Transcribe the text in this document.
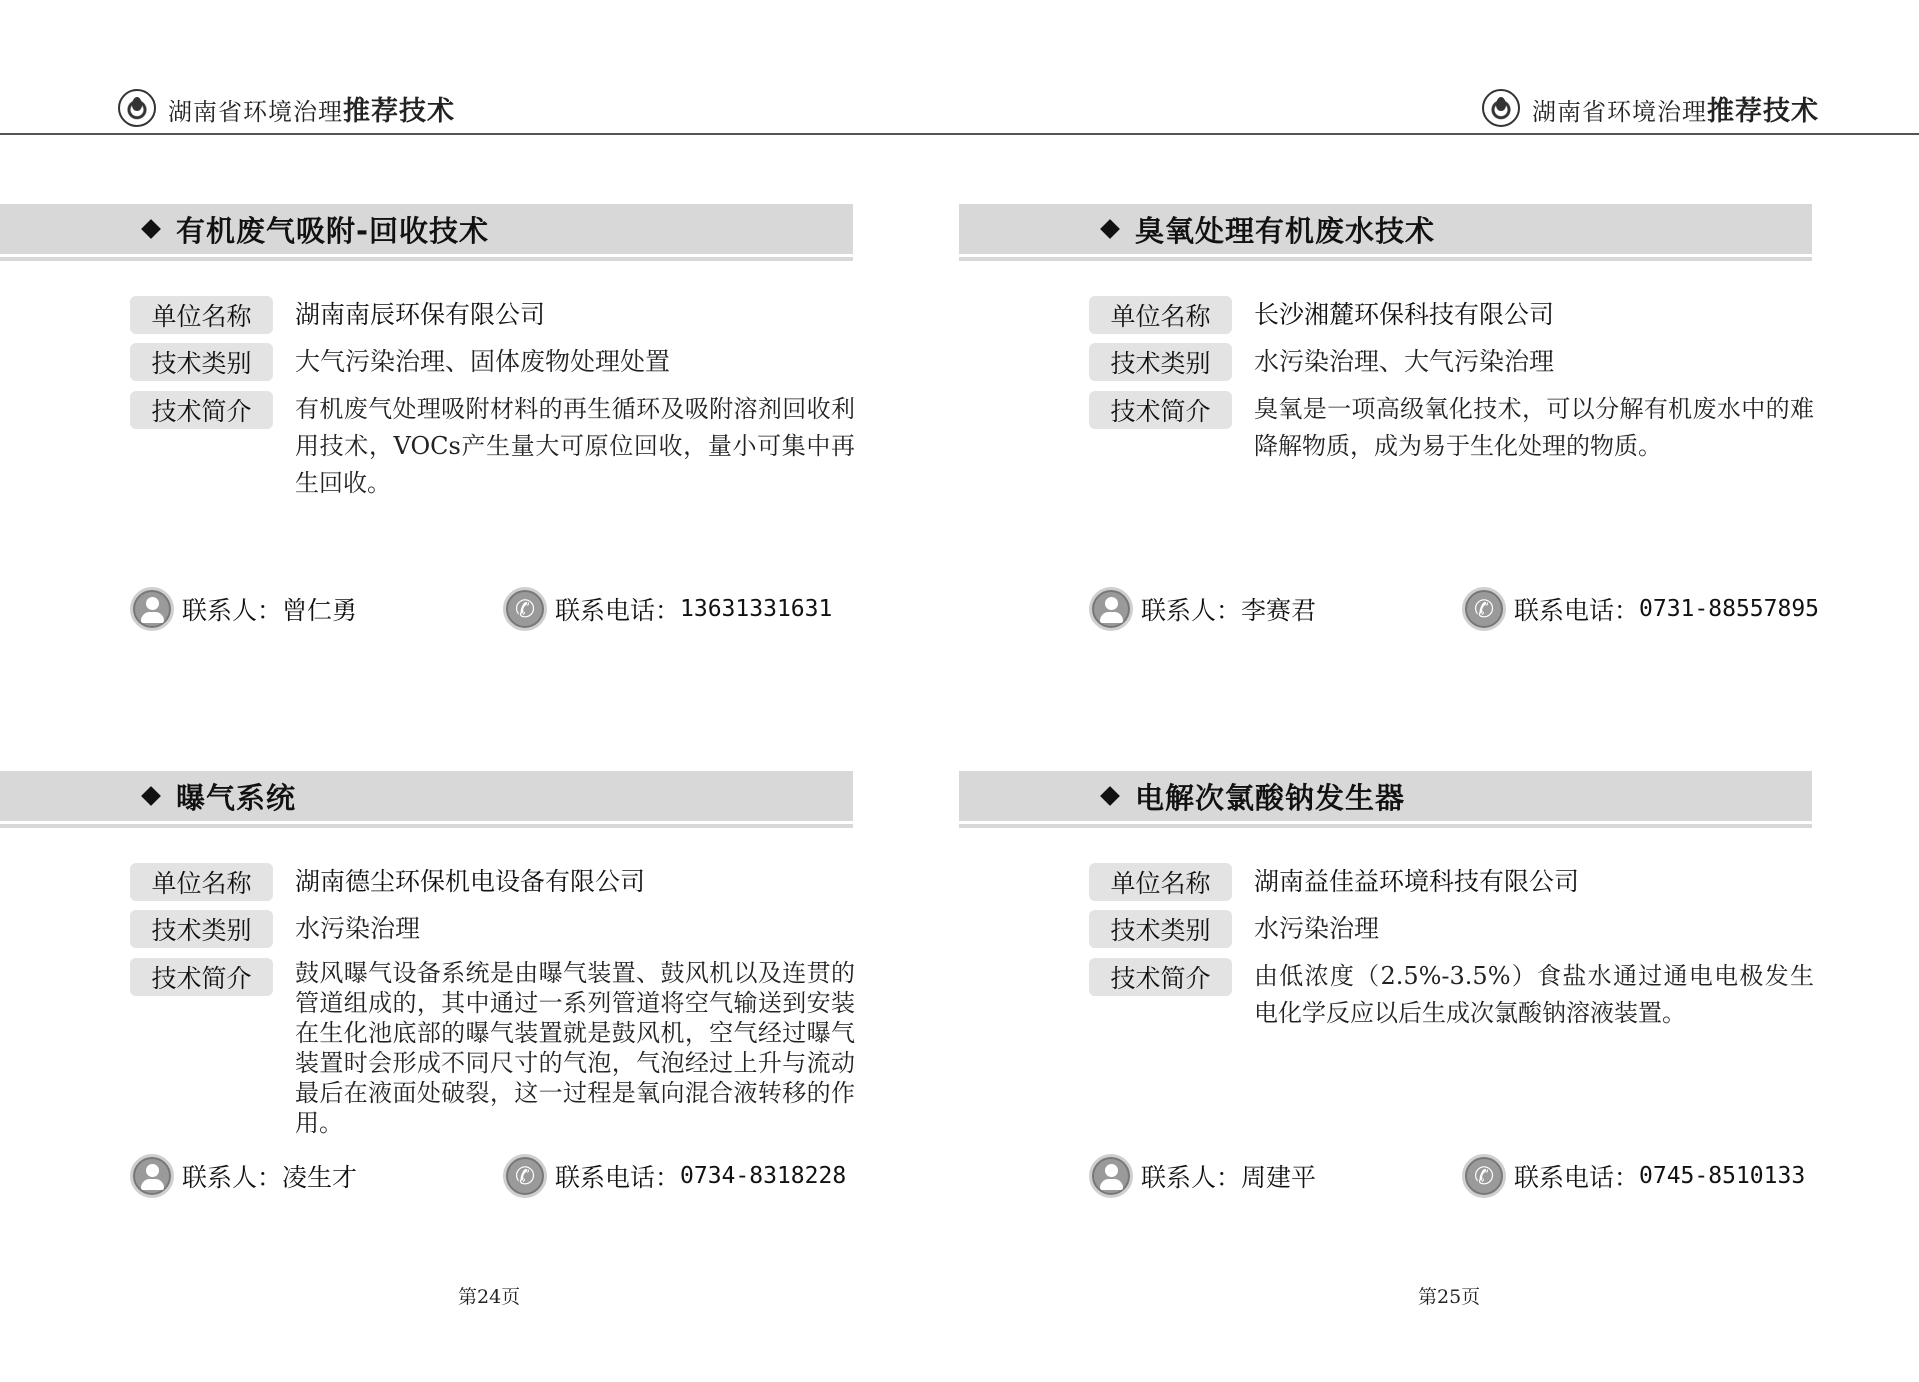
湖南省环境治理推荐技术	湖南省环境治理推荐技术
有机废气吸附-回收技术
单位名称	湖南南辰环保有限公司
技术类别	大气污染治理、固体废物处理处置
技术简介	有机废气处理吸附材料的再生循环及吸附溶剂回收利用技术，VOCs产生量大可原位回收，量小可集中再生回收。
联系人： 曾仁勇 ✆	联系电话： 13631331631
臭氧处理有机废水技术
单位名称	长沙湘麓环保科技有限公司
技术类别	水污染治理、大气污染治理
技术简介	臭氧是一项高级氧化技术，可以分解有机废水中的难降解物质，成为易于生化处理的物质。
联系人： 李赛君 ✆	联系电话： 0731-88557895
曝气系统
单位名称	湖南德尘环保机电设备有限公司
技术类别	水污染治理
技术简介	鼓风曝气设备系统是由曝气装置、鼓风机以及连贯的管道组成的，其中通过一系列管道将空气输送到安装在生化池底部的曝气装置就是鼓风机，空气经过曝气装置时会形成不同尺寸的气泡，气泡经过上升与流动最后在液面处破裂，这一过程是氧向混合液转移的作用。
联系人： 凌生才 ✆	联系电话： 0734-8318228
电解次氯酸钠发生器
单位名称	湖南益佳益环境科技有限公司
技术类别	水污染治理
技术简介	由低浓度（2.5%-3.5%）食盐水通过通电电极发生电化学反应以后生成次氯酸钠溶液装置。
联系人： 周建平 ✆	联系电话： 0745-8510133
第24页	第25页
